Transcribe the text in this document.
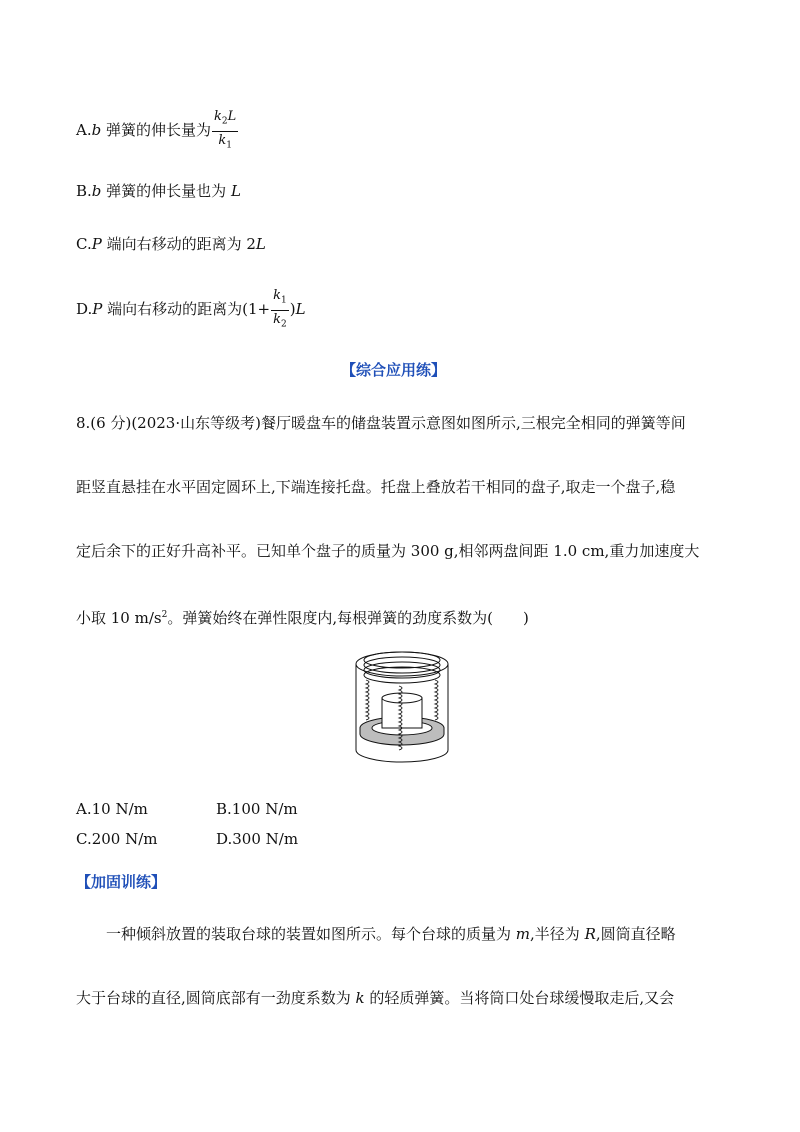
A.b 弹簧的伸长量为 $\frac{k_2L}{k_1}$
B.b 弹簧的伸长量也为 L
C.P 端向右移动的距离为 2L
D.P 端向右移动的距离为$(1+ \frac{k_1}{k_2} )L$
【综合应用练】
8.(6 分)(2023·山东等级考)餐厅暖盘车的储盘装置示意图如图所示,三根完全相同的弹簧等间
距竖直悬挂在水平固定圆环上,下端连接托盘。托盘上叠放若干相同的盘子,取走一个盘子,稳
定后余下的正好升高补平。已知单个盘子的质量为 300 g,相邻两盘间距 1.0 cm,重力加速度大
小取 10 $m/s^2$。弹簧始终在弹性限度内,每根弹簧的劲度系数为(　　)
A.10 N/m	B.100 N/m
C.200 N/m	D.300 N/m
【加固训练】
一种倾斜放置的装取台球的装置如图所示。每个台球的质量为 m,半径为 R,圆筒直径略
大于台球的直径,圆筒底部有一劲度系数为 k 的轻质弹簧。当将筒口处台球缓慢取走后,又会
